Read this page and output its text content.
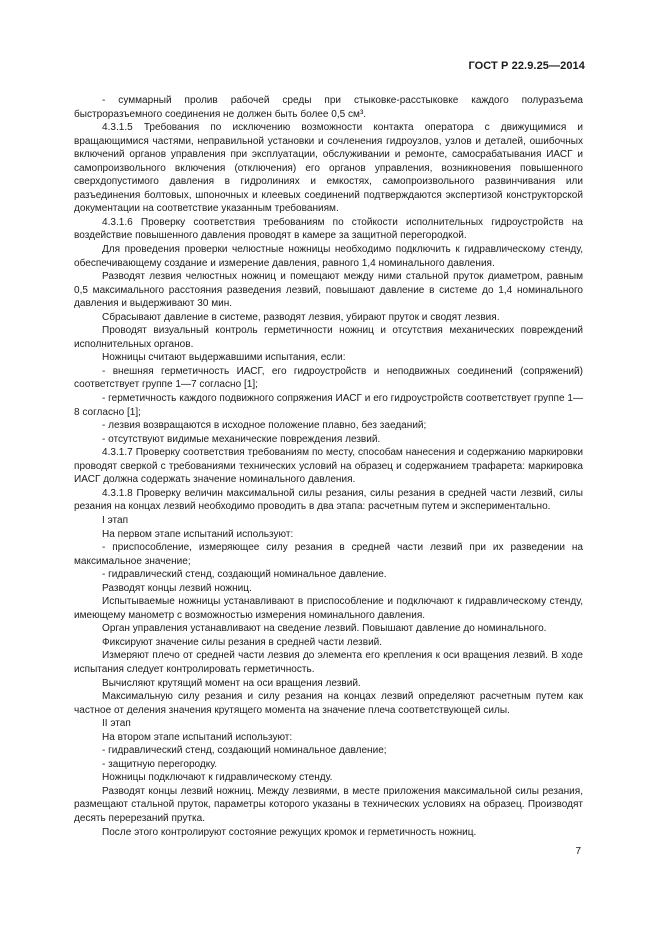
ГОСТ Р 22.9.25—2014

- суммарный пролив рабочей среды при стыковке-расстыковке каждого полуразъема быстроразъемного соединения не должен быть более 0,5 см³.

4.3.1.5 Требования по исключению возможности контакта оператора с движущимися и вращающимися частями, неправильной установки и сочленения гидроузлов, узлов и деталей, ошибочных включений органов управления при эксплуатации, обслуживании и ремонте, самосрабатывания ИАСГ и самопроизвольного включения (отключения) его органов управления, возникновения повышенного сверхдопустимого давления в гидролиниях и емкостях, самопроизвольного развинчивания или разъединения болтовых, шпоночных и клеевых соединений подтверждаются экспертизой конструкторской документации на соответствие указанным требованиям.

4.3.1.6 Проверку соответствия требованиям по стойкости исполнительных гидроустройств на воздействие повышенного давления проводят в камере за защитной перегородкой.

Для проведения проверки челюстные ножницы необходимо подключить к гидравлическому стенду, обеспечивающему создание и измерение давления, равного 1,4 номинального давления.

Разводят лезвия челюстных ножниц и помещают между ними стальной пруток диаметром, равным 0,5 максимального расстояния разведения лезвий, повышают давление в системе до 1,4 номинального давления и выдерживают 30 мин.

Сбрасывают давление в системе, разводят лезвия, убирают пруток и сводят лезвия.

Проводят визуальный контроль герметичности ножниц и отсутствия механических повреждений исполнительных органов.

Ножницы считают выдержавшими испытания, если:

- внешняя герметичность ИАСГ, его гидроустройств и неподвижных соединений (сопряжений) соответствует группе 1—7 согласно [1];

- герметичность каждого подвижного сопряжения ИАСГ и его гидроустройств соответствует группе 1—8 согласно [1];

- лезвия возвращаются в исходное положение плавно, без заеданий;

- отсутствуют видимые механические повреждения лезвий.

4.3.1.7 Проверку соответствия требованиям по месту, способам нанесения и содержанию маркировки проводят сверкой с требованиями технических условий на образец и содержанием трафарета: маркировка ИАСГ должна содержать значение номинального давления.

4.3.1.8 Проверку величин максимальной силы резания, силы резания в средней части лезвий, силы резания на концах лезвий необходимо проводить в два этапа: расчетным путем и экспериментально.

I этап

На первом этапе испытаний используют:

- приспособление, измеряющее силу резания в средней части лезвий при их разведении на максимальное значение;

- гидравлический стенд, создающий номинальное давление.

Разводят концы лезвий ножниц.

Испытываемые ножницы устанавливают в приспособление и подключают к гидравлическому стенду, имеющему манометр с возможностью измерения номинального давления.

Орган управления устанавливают на сведение лезвий. Повышают давление до номинального.

Фиксируют значение силы резания в средней части лезвий.

Измеряют плечо от средней части лезвия до элемента его крепления к оси вращения лезвий. В ходе испытания следует контролировать герметичность.

Вычисляют крутящий момент на оси вращения лезвий.

Максимальную силу резания и силу резания на концах лезвий определяют расчетным путем как частное от деления значения крутящего момента на значение плеча соответствующей силы.

II этап

На втором этапе испытаний используют:

- гидравлический стенд, создающий номинальное давление;

- защитную перегородку.

Ножницы подключают к гидравлическому стенду.

Разводят концы лезвий ножниц. Между лезвиями, в месте приложения максимальной силы резания, размещают стальной пруток, параметры которого указаны в технических условиях на образец. Производят десять перерезаний прутка.

После этого контролируют состояние режущих кромок и герметичность ножниц.

7
